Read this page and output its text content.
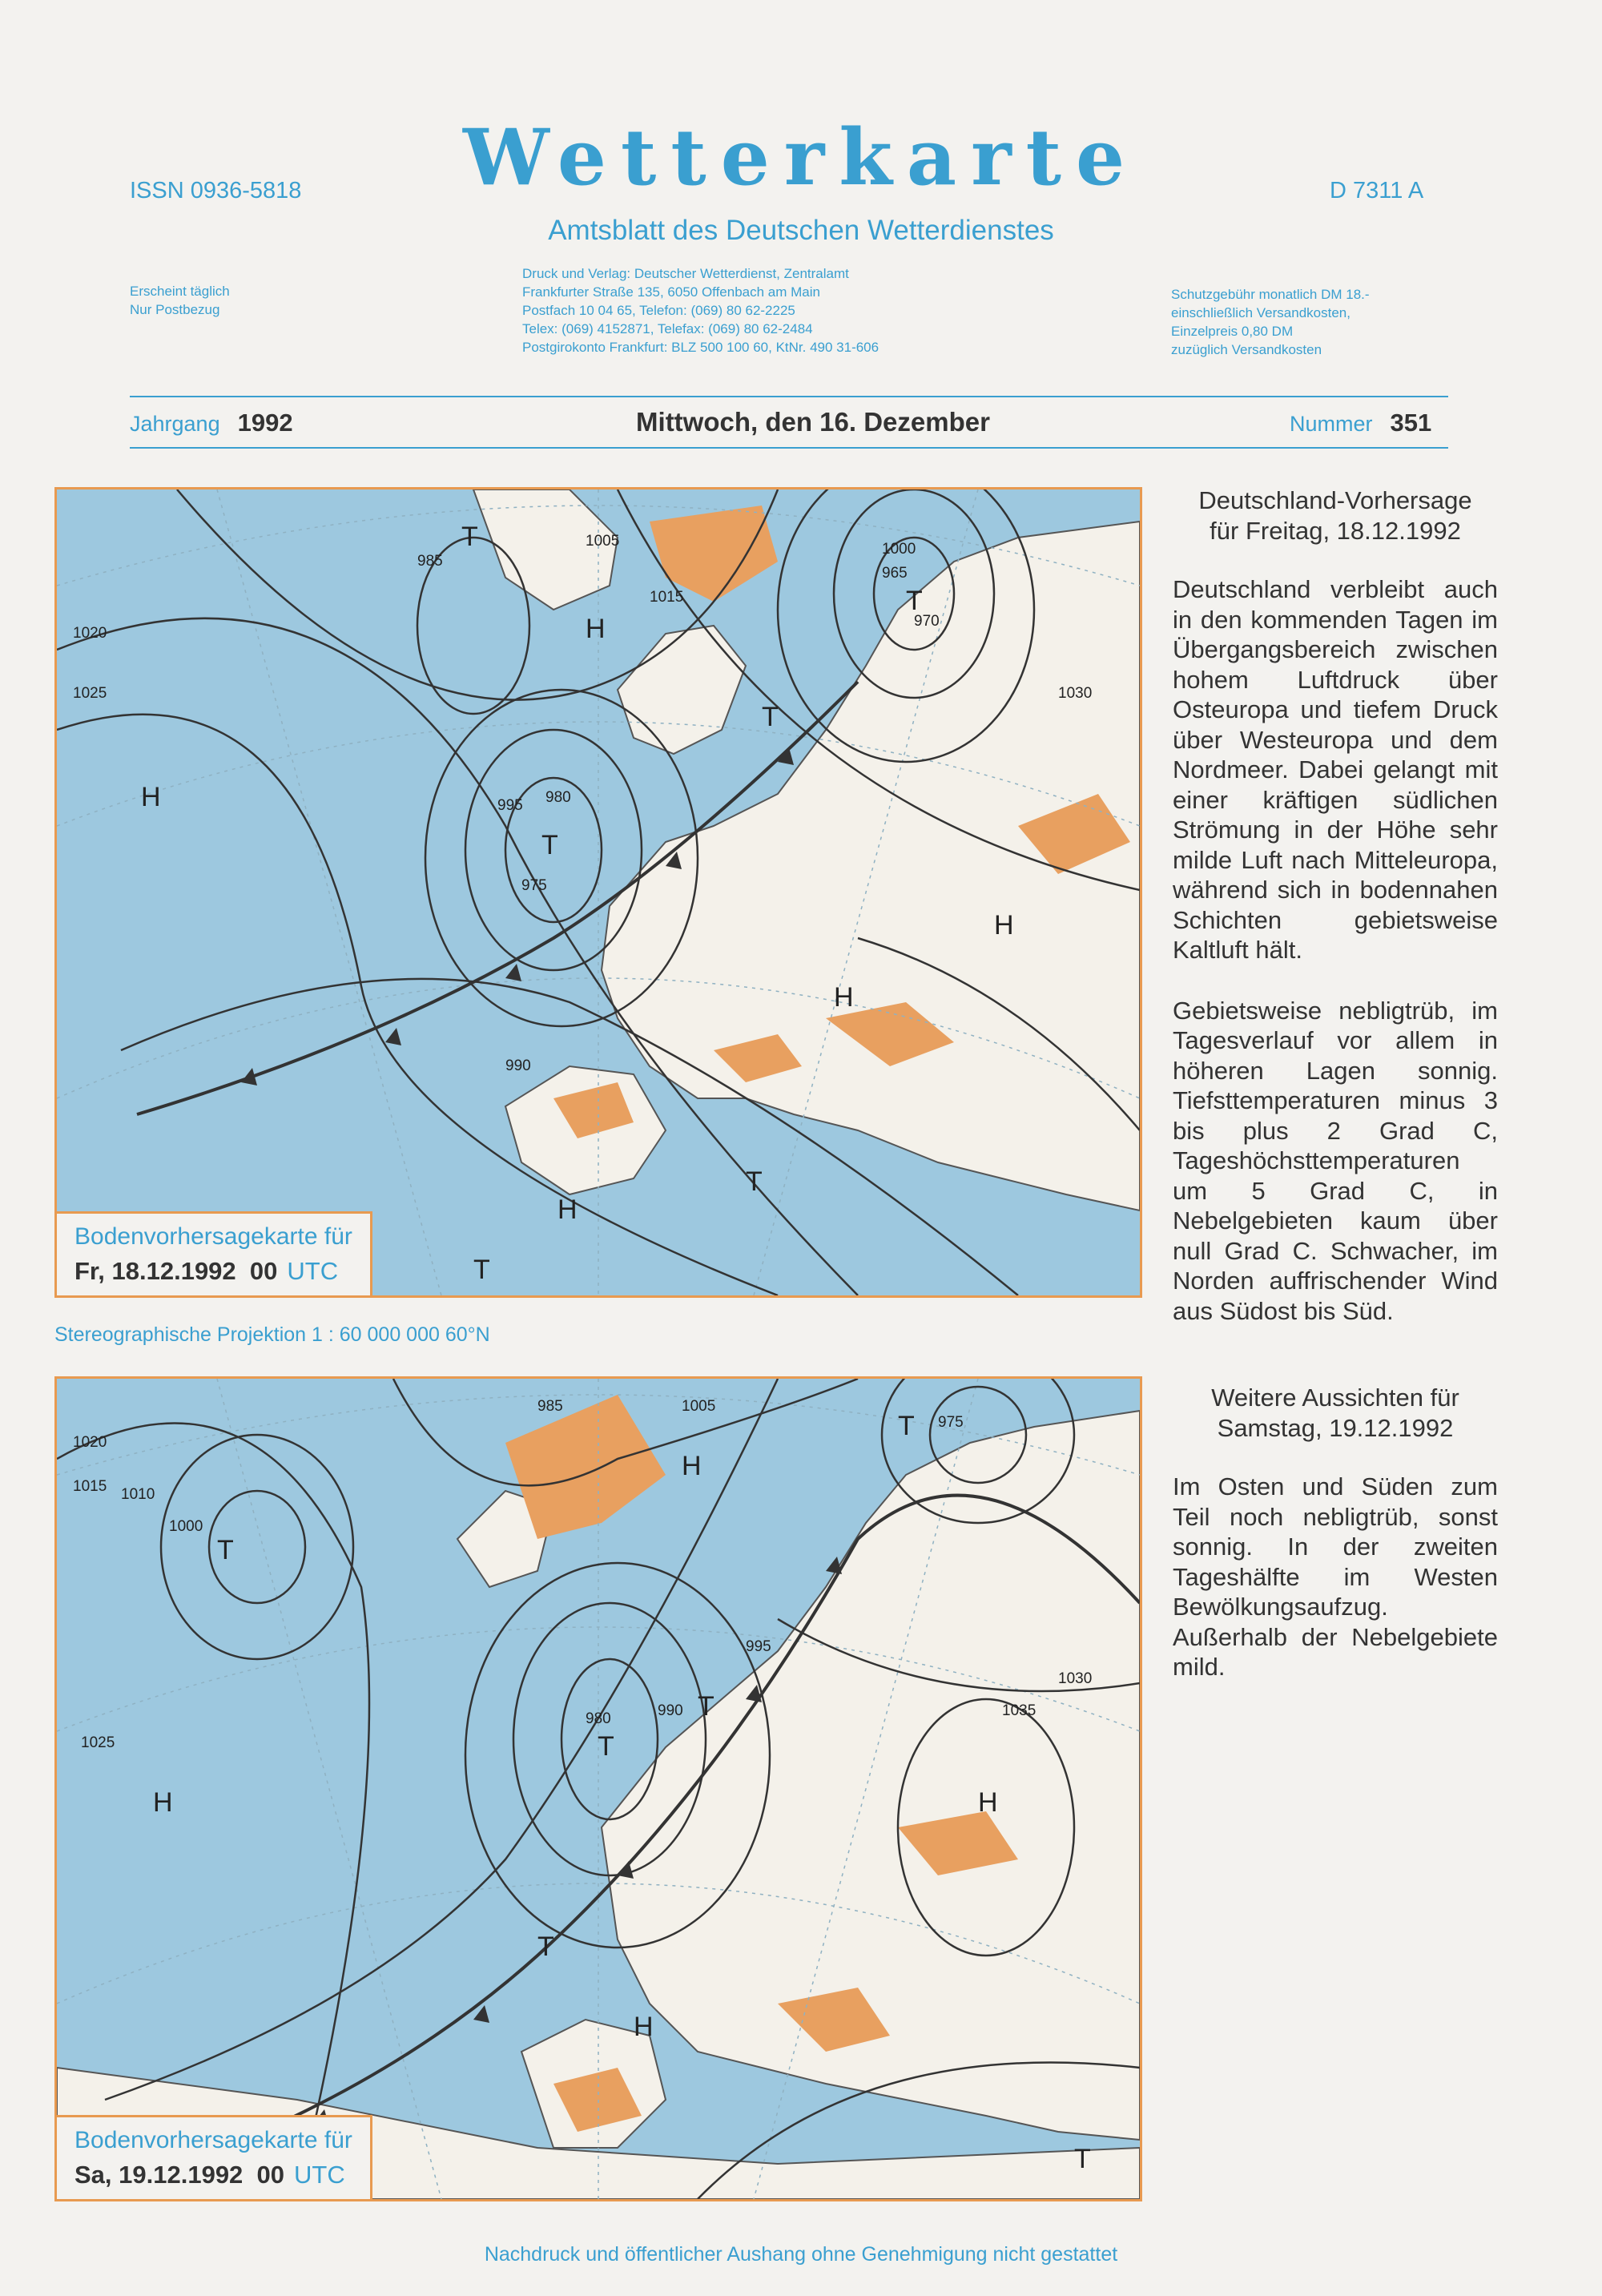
ISSN 0936-5818	Wetterkarte
Amtsblatt des Deutschen Wetterdienstes
D 7311 A
Erscheint täglich
Nur Postbezug
Druck und Verlag: Deutscher Wetterdienst, Zentralamt
Frankfurter Straße 135, 6050 Offenbach am Main
Postfach 10 04 65, Telefon: (069) 80 62-2225
Telex: (069) 4152871, Telefax: (069) 80 62-2484
Postgirokonto Frankfurt: BLZ 500 100 60, KtNr. 490 31-606
Schutzgebühr monatlich DM 18.-
einschließlich Versandkosten,
Einzelpreis 0,80 DM
zuzüglich Versandkosten
Jahrgang 1992	Mittwoch, den 16. Dezember	Nummer 351
H
H
H
H
H
T
T
T
T
T
T
985
990
995
1005
1015
1020
1025
975
970
980
1030
1000
965
Bodenvorhersagekarte für
Fr, 18.12.1992 00 UTC
Stereographische Projektion 1 : 60 000 000 60°N
H	H
H
H
T
T
T
T
T
T
1020
1015 1010
1000
985	1005
995
990
980
975
1035
1025
1030
Bodenvorhersagekarte für
Sa, 19.12.1992 00 UTC
Deutschland-Vorhersage
für Freitag, 18.12.1992

Deutschland verbleibt auch in den kommenden Tagen im Übergangsbereich zwischen hohem Luftdruck über Osteuropa und tiefem Druck über Westeuropa und dem Nordmeer. Dabei gelangt mit einer kräftigen südlichen Strömung in der Höhe sehr milde Luft nach Mitteleuropa, während sich in bodennahen Schichten gebietsweise Kaltluft hält.

Gebietsweise nebligtrüb, im Tagesverlauf vor allem in höheren Lagen sonnig. Tiefsttemperaturen minus 3 bis plus 2 Grad C, Tageshöchsttemperaturen um 5 Grad C, in Nebelgebieten kaum über null Grad C. Schwacher, im Norden auffrischender Wind aus Südost bis Süd.

Weitere Aussichten für
Samstag, 19.12.1992

Im Osten und Süden zum Teil noch nebligtrüb, sonst sonnig. In der zweiten Tageshälfte im Westen Bewölkungsaufzug. Außerhalb der Nebelgebiete mild.

Nachdruck und öffentlicher Aushang ohne Genehmigung nicht gestattet
